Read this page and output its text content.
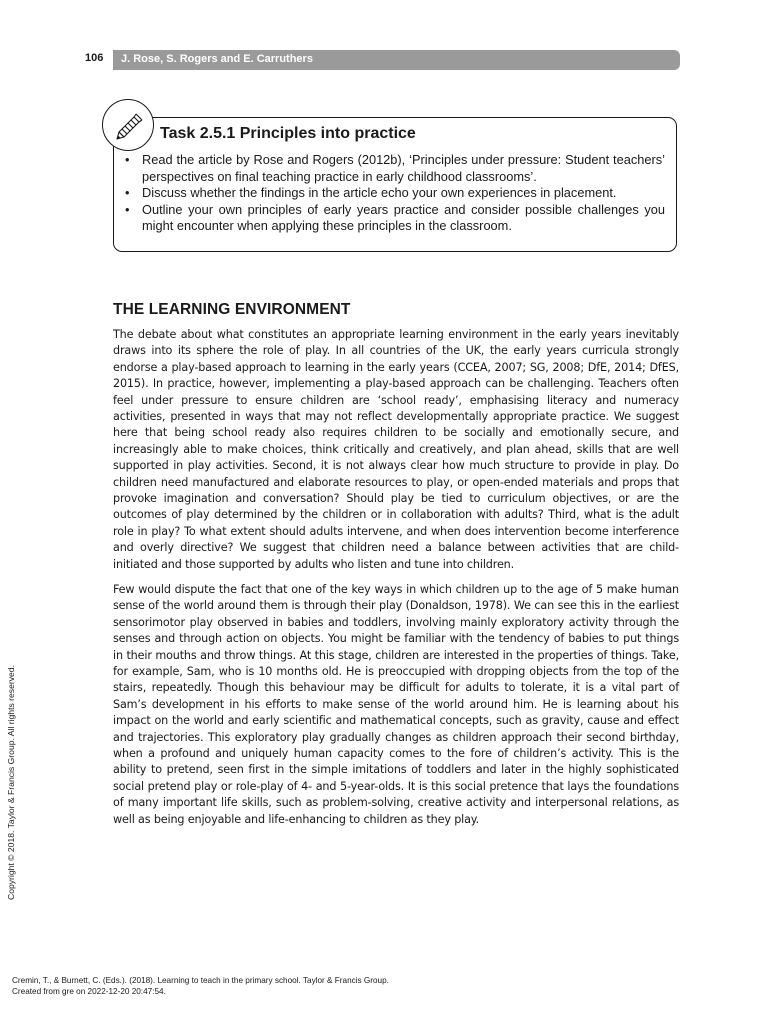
106 J. Rose, S. Rogers and E. Carruthers
Task 2.5.1 Principles into practice
• Read the article by Rose and Rogers (2012b), ‘Principles under pressure: Student teachers’ perspectives on final teaching practice in early childhood classrooms’.
• Discuss whether the findings in the article echo your own experiences in placement.
• Outline your own principles of early years practice and consider possible challenges you might encounter when applying these principles in the classroom.
THE LEARNING ENVIRONMENT

The debate about what constitutes an appropriate learning environment in the early years inevitably draws into its sphere the role of play. In all countries of the UK, the early years curricula strongly endorse a play-based approach to learning in the early years (CCEA, 2007; SG, 2008; DfE, 2014; DfES, 2015). In practice, however, implementing a play-based approach can be challenging. Teachers often feel under pressure to ensure children are ‘school ready’, emphasising literacy and numeracy activities, presented in ways that may not reflect developmentally appropriate practice. We suggest here that being school ready also requires children to be socially and emotionally secure, and increasingly able to make choices, think critically and creatively, and plan ahead, skills that are well supported in play activities. Second, it is not always clear how much structure to provide in play. Do children need manufactured and elaborate resources to play, or open-ended materials and props that provoke imagination and conversation? Should play be tied to curriculum objectives, or are the outcomes of play determined by the children or in collaboration with adults? Third, what is the adult role in play? To what extent should adults intervene, and when does intervention become interference and overly directive? We suggest that children need a balance between activities that are child-initiated and those supported by adults who listen and tune into children.

Few would dispute the fact that one of the key ways in which children up to the age of 5 make human sense of the world around them is through their play (Donaldson, 1978). We can see this in the earliest sensorimotor play observed in babies and toddlers, involving mainly exploratory activity through the senses and through action on objects. You might be familiar with the tendency of babies to put things in their mouths and throw things. At this stage, children are interested in the properties of things. Take, for example, Sam, who is 10 months old. He is preoccupied with dropping objects from the top of the stairs, repeatedly. Though this behaviour may be difficult for adults to tolerate, it is a vital part of Sam’s development in his efforts to make sense of the world around him. He is learning about his impact on the world and early scientific and mathematical concepts, such as gravity, cause and effect and trajectories. This exploratory play gradually changes as children approach their second birthday, when a profound and uniquely human capacity comes to the fore of children’s activity. This is the ability to pretend, seen first in the simple imitations of toddlers and later in the highly sophisticated social pretend play or role-play of 4- and 5-year-olds. It is this social pretence that lays the foundations of many important life skills, such as problem-solving, creative activity and interpersonal relations, as well as being enjoyable and life-enhancing to children as they play.

Copyright © 2018. Taylor & Francis Group. All rights reserved.
Cremin, T., & Burnett, C. (Eds.). (2018). Learning to teach in the primary school. Taylor & Francis Group.
Created from gre on 2022-12-20 20:47:54.
